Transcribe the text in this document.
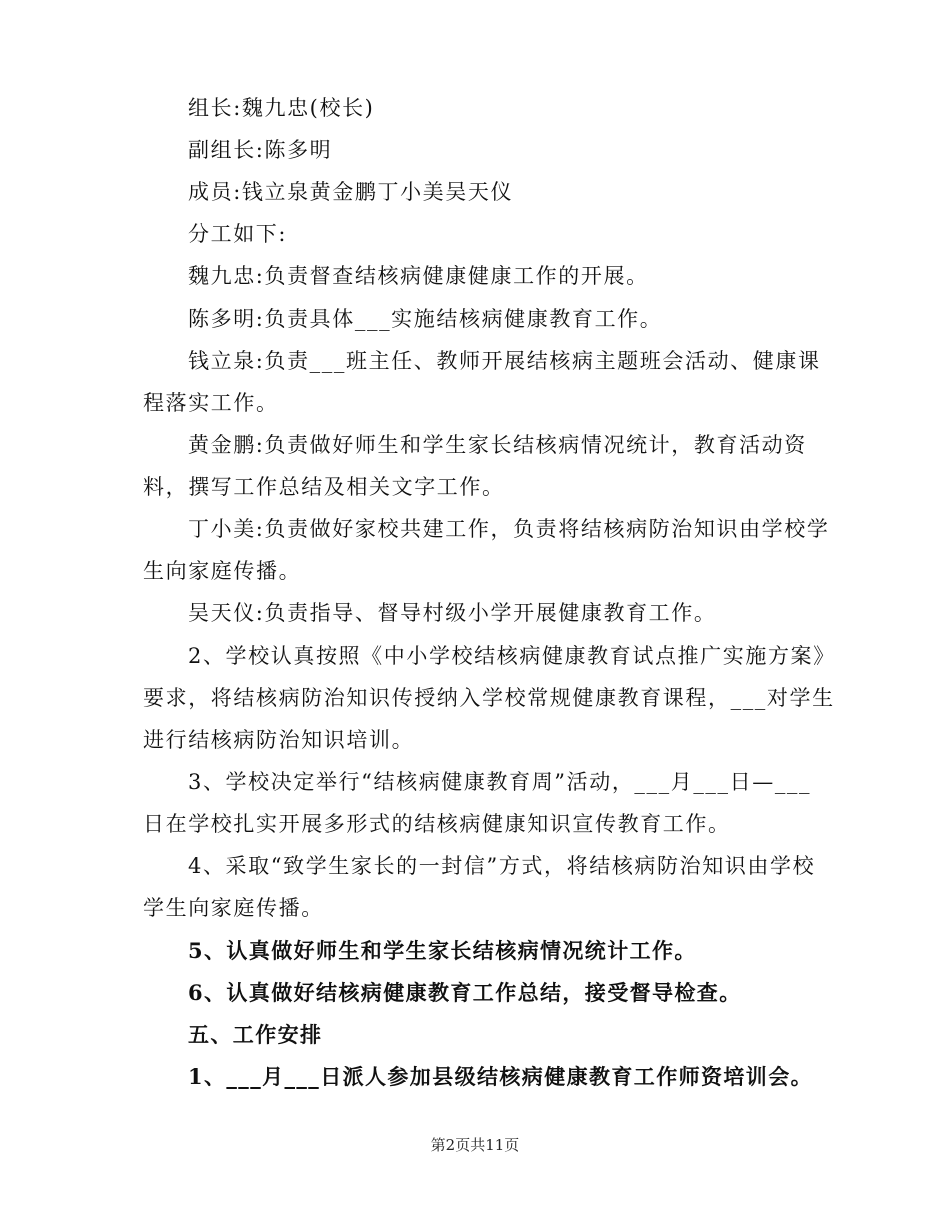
组长:魏九忠(校长)
副组长:陈多明
成员:钱立泉黄金鹏丁小美吴天仪
分工如下:
魏九忠:负责督查结核病健康健康工作的开展。
陈多明:负责具体___实施结核病健康教育工作。
钱立泉:负责___班主任、教师开展结核病主题班会活动、健康课
程落实工作。
黄金鹏:负责做好师生和学生家长结核病情况统计，教育活动资
料，撰写工作总结及相关文字工作。
丁小美:负责做好家校共建工作，负责将结核病防治知识由学校学
生向家庭传播。
吴天仪:负责指导、督导村级小学开展健康教育工作。
2、学校认真按照《中小学校结核病健康教育试点推广实施方案》
要求，将结核病防治知识传授纳入学校常规健康教育课程，___对学生
进行结核病防治知识培训。
3、学校决定举行“结核病健康教育周”活动，___月___日—___
日在学校扎实开展多形式的结核病健康知识宣传教育工作。
4、采取“致学生家长的一封信”方式，将结核病防治知识由学校
学生向家庭传播。
5、认真做好师生和学生家长结核病情况统计工作。
6、认真做好结核病健康教育工作总结，接受督导检查。
五、工作安排
1、___月___日派人参加县级结核病健康教育工作师资培训会。
第2页共11页
